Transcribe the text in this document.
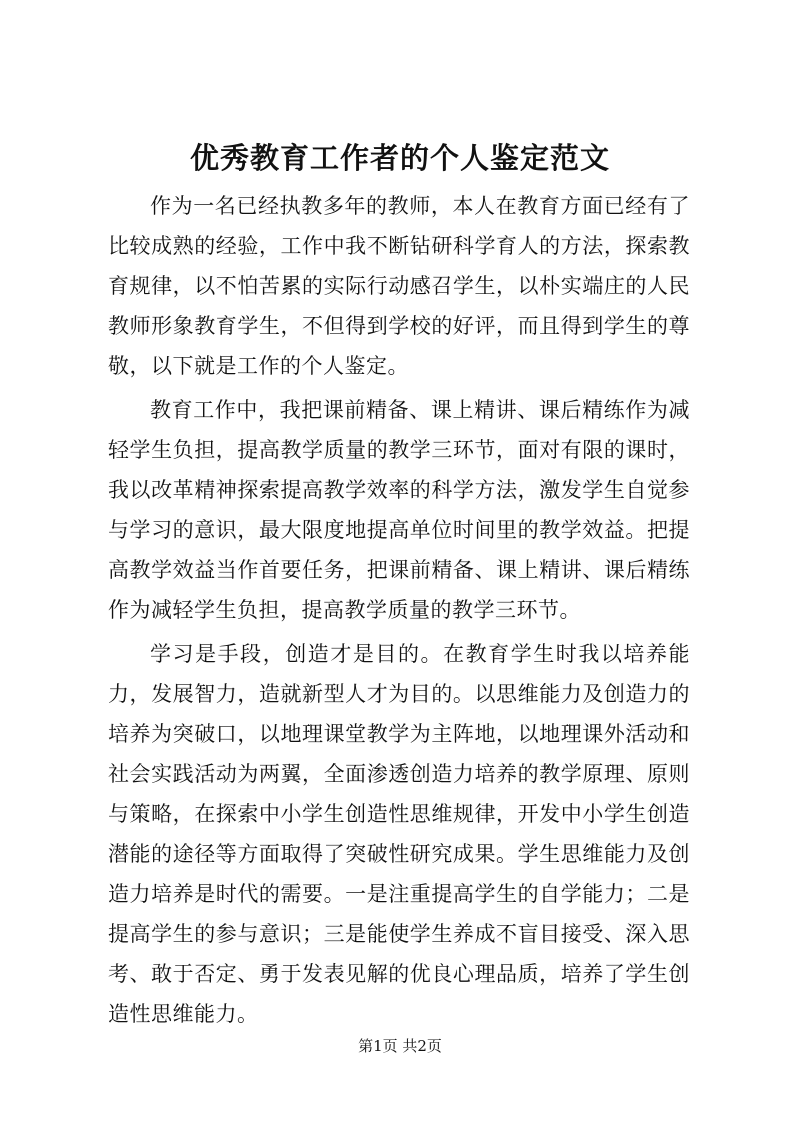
优秀教育工作者的个人鉴定范文

作为一名已经执教多年的教师，本人在教育方面已经有了比较成熟的经验，工作中我不断钻研科学育人的方法，探索教育规律，以不怕苦累的实际行动感召学生，以朴实端庄的人民教师形象教育学生，不但得到学校的好评，而且得到学生的尊敬，以下就是工作的个人鉴定。

教育工作中，我把课前精备、课上精讲、课后精练作为减轻学生负担，提高教学质量的教学三环节，面对有限的课时，我以改革精神探索提高教学效率的科学方法，激发学生自觉参与学习的意识，最大限度地提高单位时间里的教学效益。把提高教学效益当作首要任务，把课前精备、课上精讲、课后精练作为减轻学生负担，提高教学质量的教学三环节。

学习是手段，创造才是目的。在教育学生时我以培养能力，发展智力，造就新型人才为目的。以思维能力及创造力的培养为突破口，以地理课堂教学为主阵地，以地理课外活动和社会实践活动为两翼，全面渗透创造力培养的教学原理、原则与策略，在探索中小学生创造性思维规律，开发中小学生创造潜能的途径等方面取得了突破性研究成果。学生思维能力及创造力培养是时代的需要。一是注重提高学生的自学能力；二是提高学生的参与意识；三是能使学生养成不盲目接受、深入思考、敢于否定、勇于发表见解的优良心理品质，培养了学生创造性思维能力。

第1页 共2页
